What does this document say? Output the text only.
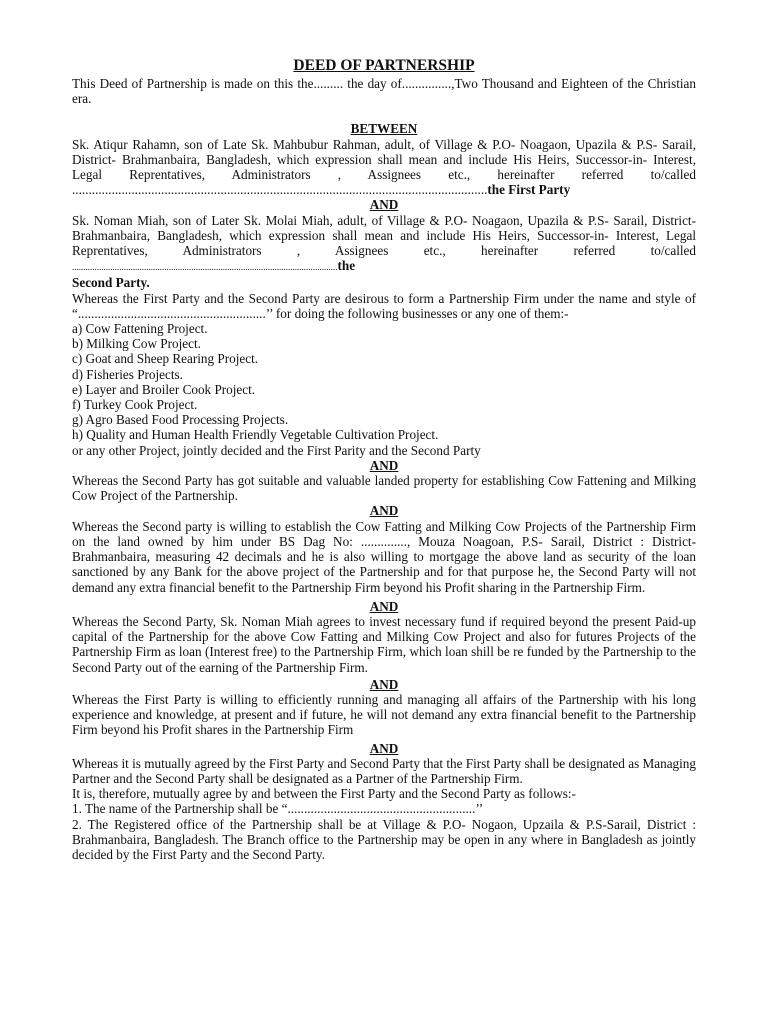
DEED OF PARTNERSHIP

This Deed of Partnership is made on this the......... the day of...............,Two Thousand and Eighteen of the Christian era.

BETWEEN

Sk. Atiqur Rahamn, son of Late Sk. Mahbubur Rahman, adult, of Village & P.O- Noagaon, Upazila & P.S- Sarail, District- Brahmanbaira, Bangladesh, which expression shall mean and include His Heirs, Successor-in- Interest, Legal Reprentatives, Administrators , Assignees etc., hereinafter referred to/called

..............................................................................................................................the First Party

AND

Sk. Noman Miah, son of Later Sk. Molai Miah, adult, of Village & P.O- Noagaon, Upazila & P.S- Sarail, District- Brahmanbaira, Bangladesh, which expression shall mean and include His Heirs, Successor-in- Interest, Legal Reprentatives, Administrators , Assignees etc., hereinafter referred to/called ......................................................................................................................the

Second Party.

Whereas the First Party and the Second Party are desirous to form a Partnership Firm under the name and style of “.........................................................’’ for doing the following businesses or any one of them:-

a) Cow Fattening Project.
b) Milking Cow Project.
c) Goat and Sheep Rearing Project.
d) Fisheries Projects.
e) Layer and Broiler Cook Project.
f) Turkey Cook Project.
g) Agro Based Food Processing Projects.
h) Quality and Human Health Friendly Vegetable Cultivation Project.
or any other Project, jointly decided and the First Parity and the Second Party
AND

Whereas the Second Party has got suitable and valuable landed property for establishing Cow Fattening and Milking Cow Project of the Partnership.

AND

Whereas the Second party is willing to establish the Cow Fatting and Milking Cow Projects of the Partnership Firm on the land owned by him under BS Dag No: .............., Mouza Noagoan, P.S- Sarail, District : District- Brahmanbaira, measuring 42 decimals and he is also willing to mortgage the above land as security of the loan sanctioned by any Bank for the above project of the Partnership and for that purpose he, the Second Party will not demand any extra financial benefit to the Partnership Firm beyond his Profit sharing in the Partnership Firm.

AND

Whereas the Second Party, Sk. Noman Miah agrees to invest necessary fund if required beyond the present Paid-up capital of the Partnership for the above Cow Fatting and Milking Cow Project and also for futures Projects of the Partnership Firm as loan (Interest free) to the Partnership Firm, which loan shill be re funded by the Partnership to the Second Party out of the earning of the Partnership Firm.

AND

Whereas the First Party is willing to efficiently running and managing all affairs of the Partnership with his long experience and knowledge, at present and if future, he will not demand any extra financial benefit to the Partnership Firm beyond his Profit shares in the Partnership Firm

AND

Whereas it is mutually agreed by the First Party and Second Party that the First Party shall be designated as Managing Partner and the Second Party shall be designated as a Partner of the Partnership Firm.

It is, therefore, mutually agree by and between the First Party and the Second Party as follows:-

1. The name of the Partnership shall be “.........................................................’’

2. The Registered office of the Partnership shall be at Village & P.O- Nogaon, Upzaila & P.S-Sarail, District : Brahmanbaira, Bangladesh. The Branch office to the Partnership may be open in any where in Bangladesh as jointly decided by the First Party and the Second Party.
